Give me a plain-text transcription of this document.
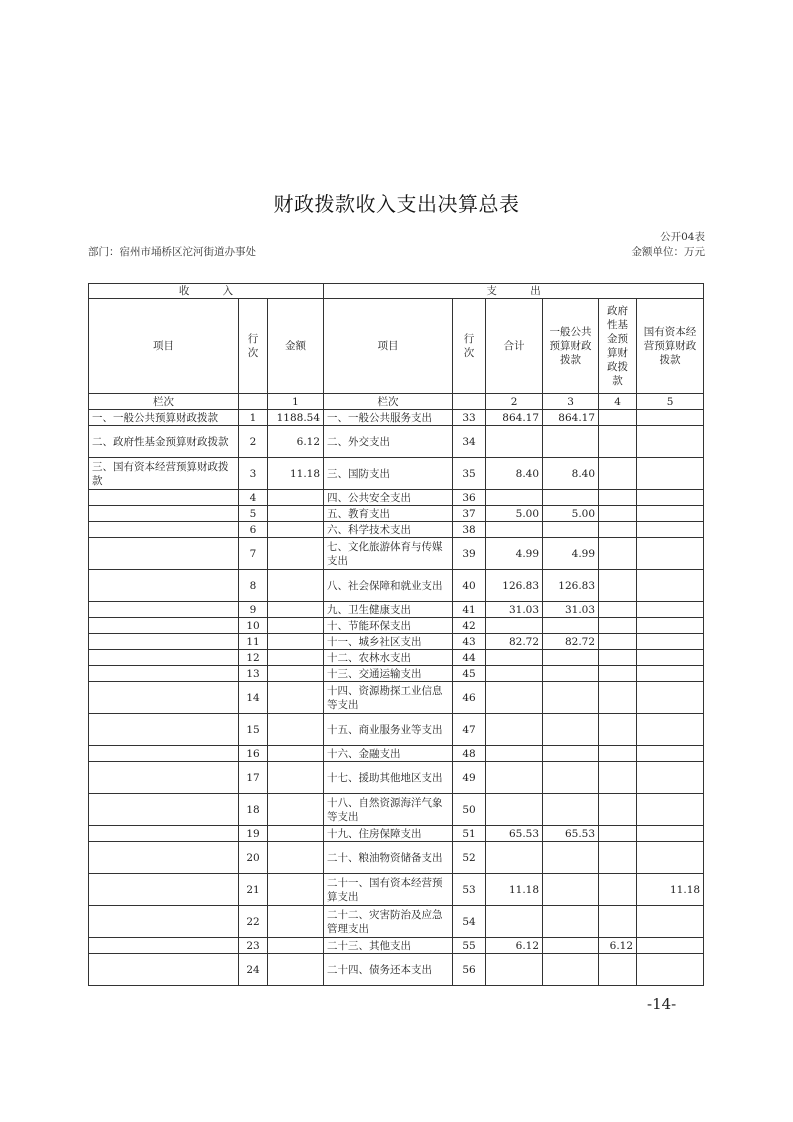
财政拨款收入支出决算总表
公开04表
部门：宿州市埇桥区沱河街道办事处	金额单位：万元
收 入			支 出					
项目	行次	金额	项目	行次	合计	一般公共预算财政拨款	政府性基金预算财政拨款	国有资本经营预算财政拨款
栏次		1	栏次		2	3	4	5
一、一般公共预算财政拨款	1	1188.54	一、一般公共服务支出	33	864.17	864.17		
二、政府性基金预算财政拨款	2	6.12	二、外交支出	34				
三、国有资本经营预算财政拨款	3	11.18	三、国防支出	35	8.40	8.40		
	4		四、公共安全支出	36				
	5		五、教育支出	37	5.00	5.00		
	6		六、科学技术支出	38				
	7		七、文化旅游体育与传媒支出	39	4.99	4.99		
	8		八、社会保障和就业支出	40	126.83	126.83		
	9		九、卫生健康支出	41	31.03	31.03		
	10		十、节能环保支出	42				
	11		十一、城乡社区支出	43	82.72	82.72		
	12		十二、农林水支出	44				
	13		十三、交通运输支出	45				
	14		十四、资源勘探工业信息等支出	46				
	15		十五、商业服务业等支出	47				
	16		十六、金融支出	48				
	17		十七、援助其他地区支出	49				
	18		十八、自然资源海洋气象等支出	50				
	19		十九、住房保障支出	51	65.53	65.53		
	20		二十、粮油物资储备支出	52				
	21		二十一、国有资本经营预算支出	53	11.18			11.18
	22		二十二、灾害防治及应急管理支出	54				
	23		二十三、其他支出	55	6.12		6.12	
	24		二十四、债务还本支出	56				
-14-
